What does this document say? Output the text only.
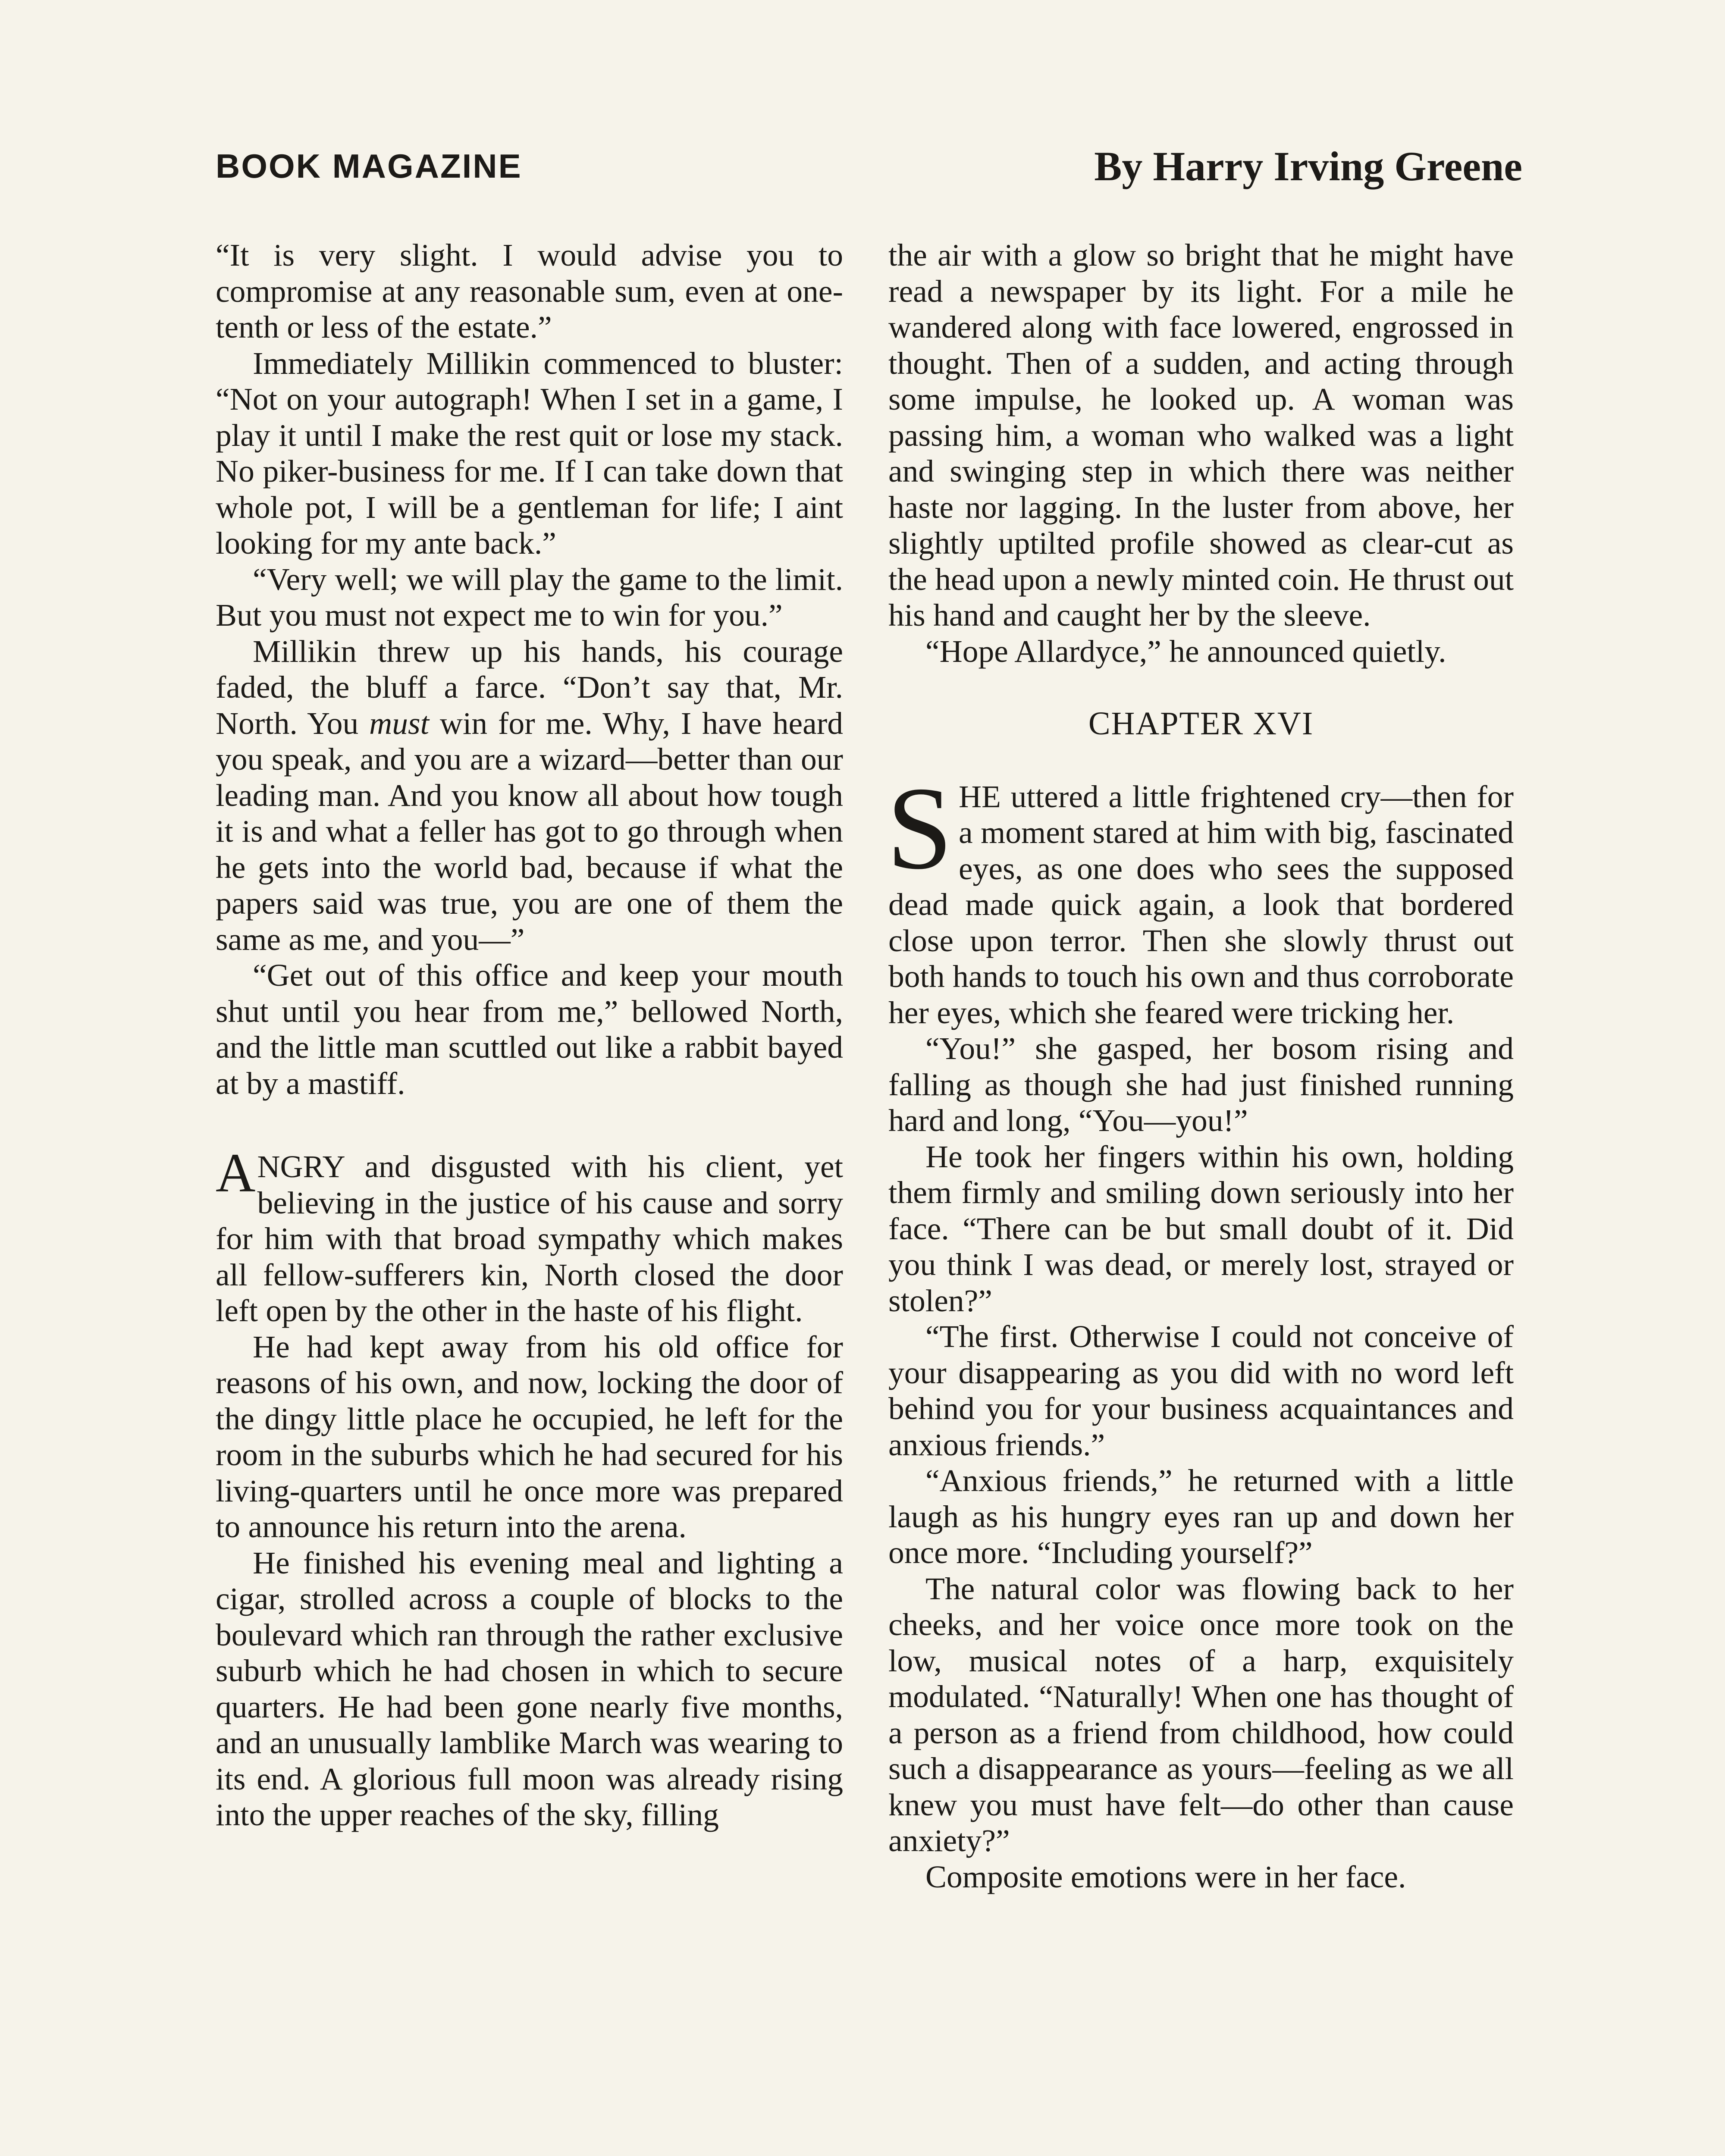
BOOK MAGAZINE	By Harry Irving Greene

“It is very slight. I would advise you to compromise at any reasonable sum, even at one-tenth or less of the estate.”

Immediately Millikin commenced to bluster: “Not on your autograph! When I set in a game, I play it until I make the rest quit or lose my stack. No piker-business for me. If I can take down that whole pot, I will be a gentleman for life; I aint looking for my ante back.”

“Very well; we will play the game to the limit. But you must not expect me to win for you.”

Millikin threw up his hands, his courage faded, the bluff a farce. “Don’t say that, Mr. North. You must win for me. Why, I have heard you speak, and you are a wizard—better than our leading man. And you know all about how tough it is and what a feller has got to go through when he gets into the world bad, because if what the papers said was true, you are one of them the same as me, and you—”

“Get out of this office and keep your mouth shut until you hear from me,” bellowed North, and the little man scuttled out like a rabbit bayed at by a mastiff.

ANGRY and disgusted with his client, yet believing in the justice of his cause and sorry for him with that broad sympathy which makes all fellow-sufferers kin, North closed the door left open by the other in the haste of his flight.

He had kept away from his old office for reasons of his own, and now, locking the door of the dingy little place he occupied, he left for the room in the suburbs which he had secured for his living-quarters until he once more was prepared to announce his return into the arena.

He finished his evening meal and lighting a cigar, strolled across a couple of blocks to the boulevard which ran through the rather exclusive suburb which he had chosen in which to secure quarters. He had been gone nearly five months, and an unusually lamblike March was wearing to its end. A glorious full moon was already rising into the upper reaches of the sky, filling

the air with a glow so bright that he might have read a newspaper by its light. For a mile he wandered along with face lowered, engrossed in thought. Then of a sudden, and acting through some impulse, he looked up. A woman was passing him, a woman who walked was a light and swinging step in which there was neither haste nor lagging. In the luster from above, her slightly uptilted profile showed as clear-cut as the head upon a newly minted coin. He thrust out his hand and caught her by the sleeve.

“Hope Allardyce,” he announced quietly.

CHAPTER XVI

SHE uttered a little frightened cry—then for a moment stared at him with big, fascinated eyes, as one does who sees the supposed dead made quick again, a look that bordered close upon terror. Then she slowly thrust out both hands to touch his own and thus corroborate her eyes, which she feared were tricking her.

“You!” she gasped, her bosom rising and falling as though she had just finished running hard and long, “You—you!”

He took her fingers within his own, holding them firmly and smiling down seriously into her face. “There can be but small doubt of it. Did you think I was dead, or merely lost, strayed or stolen?”

“The first. Otherwise I could not conceive of your disappearing as you did with no word left behind you for your business acquaintances and anxious friends.”

“Anxious friends,” he returned with a little laugh as his hungry eyes ran up and down her once more. “Including yourself?”

The natural color was flowing back to her cheeks, and her voice once more took on the low, musical notes of a harp, exquisitely modulated. “Naturally! When one has thought of a person as a friend from childhood, how could such a disappearance as yours—feeling as we all knew you must have felt—do other than cause anxiety?”

Composite emotions were in her face.
